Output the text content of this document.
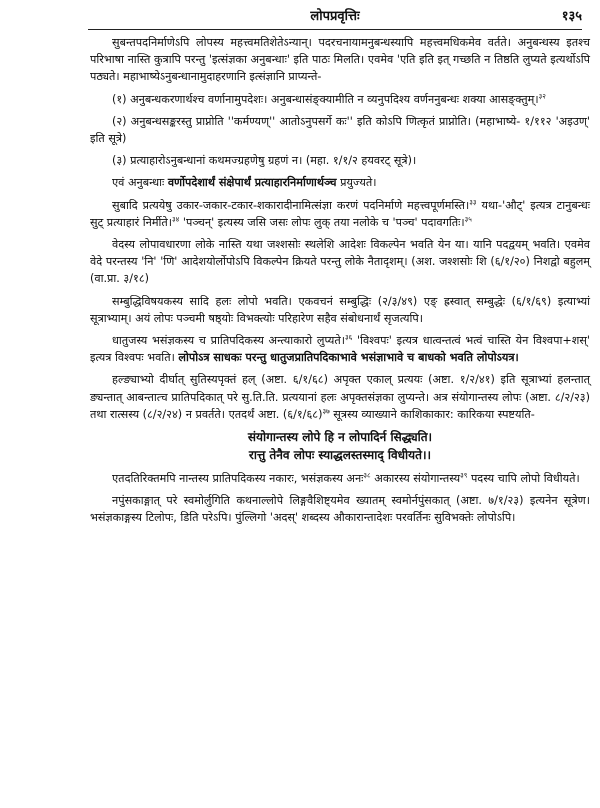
लोपप्रवृत्तिः	१३५

सुबन्तपदनिर्माणेऽपि लोपस्य महत्त्वमतिशेतेऽन्यान्। पदरचनायामनुबन्धस्यापि महत्त्वमधिकमेव वर्तते। अनुबन्धस्य इतश्च परिभाषा नास्ति कुत्रापि परन्तु 'इत्संज्ञका अनुबन्धाः' इति पाठः मिलति। एवमेव 'एति इति इत् गच्छति न तिष्ठति लुप्यते इत्यर्थोऽपि पठ्यते। महाभाष्येऽनुबन्धानामुदाहरणानि इत्संज्ञानि प्राप्यन्ते-

(१) अनुबन्धकरणार्थश्च वर्णानामुपदेशः। अनुबन्धासंङ्क्यामीति न व्यनुपदिश्य वर्णननुबन्धः शक्या आसङ्क्तुम्।$^{३२}$

(२) अनुबन्धसङ्करस्तु प्राप्नोति ''कर्मण्यण्'' आतोऽनुपसर्गे कः'' इति कोऽपि णित्कृतं प्राप्नोति। (महाभाष्ये- १/११२ 'अइउण्' इति सूत्रे)

(३) प्रत्याहारोऽनुबन्धानां कथमज्ग्रहणेषु ग्रहणं न। (महा. १/१/२ हयवरट् सूत्रे)।

एवं अनुबन्धाः वर्णोपदेशार्थं संक्षेपार्थं प्रत्याहारनिर्माणार्थञ्च प्रयुज्यते।

सुबादि प्रत्ययेषु उकार-जकार-टकार-शकारादीनामित्संज्ञा करणं पदनिर्माणे महत्त्वपूर्णमस्ति।$^{३३}$ यथा-'औट्' इत्यत्र टानुबन्धः सुट् प्रत्याहारं निर्मीते।$^{३४}$ 'पञ्चन्' इत्यस्य जसि जसः लोपः लुक् तया नलोके च 'पञ्च' पदावगतिः।$^{३५}$

वेदस्य लोपावधारणा लोके नास्ति यथा जश्शसोः स्थलेशि आदेशः विकल्पेन भवति येन या। यानि पदद्वयम् भवति। एवमेव वेदे परन्तस्य 'नि' 'णि' आदेशयोर्लोपोऽपि विकल्पेन क्रियते परन्तु लोके नैतादृशम्। (अश. जश्शसोः शि (६/१/२०) निशद्वो बहुलम् (वा.प्रा. ३/१८)

सम्बुद्धिविषयकस्य सादि हलः लोपो भवति। एकवचनं सम्बुद्धिः (२/३/४९) एङ् ह्रस्वात् सम्बुद्धेः (६/१/६९) इत्याभ्यां सूत्राभ्याम्। अयं लोपः पञ्चमी षष्ठ्योः विभक्त्योः परिहारेण सहैव संबोधनार्थं सृजत्यपि।

धातुजस्य भसंज्ञकस्य च प्रातिपदिकस्य अन्त्याकारो लुप्यते।$^{३६}$ 'विश्वपः' इत्यत्र धात्वन्तत्वं भत्वं चास्ति येन विश्वपा+शस्' इत्यत्र विश्वपः भवति। लोपोऽत्र साधकः परन्तु धातुजप्रातिपदिकाभावे भसंज्ञाभावे च बाधको भवति लोपोऽयत्र।

हल्ङ्याभ्यो दीर्घात् सुतिस्यपृक्तं हल् (अष्टा. ६/१/६८) अपृक्त एकाल् प्रत्ययः (अष्टा. १/२/४१) इति सूत्राभ्यां हलन्तात् ङ्यन्तात् आबन्तात्च प्रातिपदिकात् परे सु.ति.ति. प्रत्ययानां हलः अपृक्तसंज्ञका लुप्यन्ते। अत्र संयोगान्तस्य लोपः (अष्टा. ८/२/२३) तथा रात्सस्य (८/२/२४) न प्रवर्तते। एतदर्थं अष्टा. (६/१/६८)$^{३७}$ सूत्रस्य व्याख्याने काशिकाकार: कारिकया स्पष्टयति-

संयोगान्तस्य लोपे हि न लोपादिर्न सिद्ध्यति।
रात्तु तेनैव लोपः स्याद्धलस्तस्माद् विधीयते।।

एतदतिरिक्तमपि नान्तस्य प्रातिपदिकस्य नकारः, भसंज्ञकस्य अनः$^{३८}$ अकारस्य संयोगान्तस्य$^{३९}$ पदस्य चापि लोपो विधीयते।

नपुंसकाङ्गात् परे स्वमोर्लुगिति कथनाल्लोपे लिङ्गवैशिष्ट्यमेव ख्यातम् स्वमोर्नपुंसकात् (अष्टा. ७/१/२३) इत्यनेन सूत्रेण। भसंज्ञकाङ्गस्य टिलोपः, डिति परेऽपि। पुंल्लिगो 'अदस्' शब्दस्य औकारान्तादेशः परवर्तिनः सुविभक्तेः लोपोऽपि।
